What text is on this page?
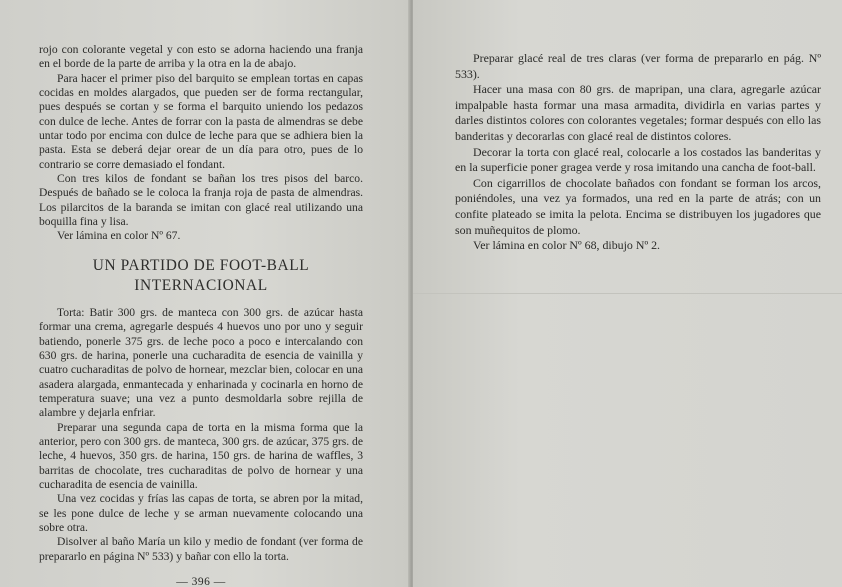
rojo con colorante vegetal y con esto se adorna haciendo una franja en el borde de la parte de arriba y la otra en la de abajo.

Para hacer el primer piso del barquito se emplean tortas en capas cocidas en moldes alargados, que pueden ser de forma rectangular, pues después se cortan y se forma el barquito uniendo los pedazos con dulce de leche. Antes de forrar con la pasta de almendras se debe untar todo por encima con dulce de leche para que se adhiera bien la pasta. Esta se deberá dejar orear de un día para otro, pues de lo contrario se corre demasiado el fondant.

Con tres kilos de fondant se bañan los tres pisos del barco. Después de bañado se le coloca la franja roja de pasta de almendras. Los pilarcitos de la baranda se imitan con glacé real utilizando una boquilla fina y lisa.

Ver lámina en color Nº 67.

UN PARTIDO DE FOOT-BALL INTERNACIONAL

Torta: Batir 300 grs. de manteca con 300 grs. de azúcar hasta formar una crema, agregarle después 4 huevos uno por uno y seguir batiendo, ponerle 375 grs. de leche poco a poco e intercalando con 630 grs. de harina, ponerle una cucharadita de esencia de vainilla y cuatro cucharaditas de polvo de hornear, mezclar bien, colocar en una asadera alargada, enmantecada y enharinada y cocinarla en horno de temperatura suave; una vez a punto desmoldarla sobre rejilla de alambre y dejarla enfriar.

Preparar una segunda capa de torta en la misma forma que la anterior, pero con 300 grs. de manteca, 300 grs. de azúcar, 375 grs. de leche, 4 huevos, 350 grs. de harina, 150 grs. de harina de waffles, 3 barritas de chocolate, tres cucharaditas de polvo de hornear y una cucharadita de esencia de vainilla.

Una vez cocidas y frías las capas de torta, se abren por la mitad, se les pone dulce de leche y se arman nuevamente colocando una sobre otra.

Disolver al baño María un kilo y medio de fondant (ver forma de prepararlo en página Nº 533) y bañar con ello la torta.

— 396 —

Preparar glacé real de tres claras (ver forma de prepararlo en pág. Nº 533).

Hacer una masa con 80 grs. de mapripan, una clara, agregarle azúcar impalpable hasta formar una masa armadita, dividirla en varias partes y darles distintos colores con colorantes vegetales; formar después con ello las banderitas y decorarlas con glacé real de distintos colores.

Decorar la torta con glacé real, colocarle a los costados las banderitas y en la superficie poner gragea verde y rosa imitando una cancha de foot-ball.

Con cigarrillos de chocolate bañados con fondant se forman los arcos, poniéndoles, una vez ya formados, una red en la parte de atrás; con un confite plateado se imita la pelota. Encima se distribuyen los jugadores que son muñequitos de plomo.

Ver lámina en color Nº 68, dibujo Nº 2.
